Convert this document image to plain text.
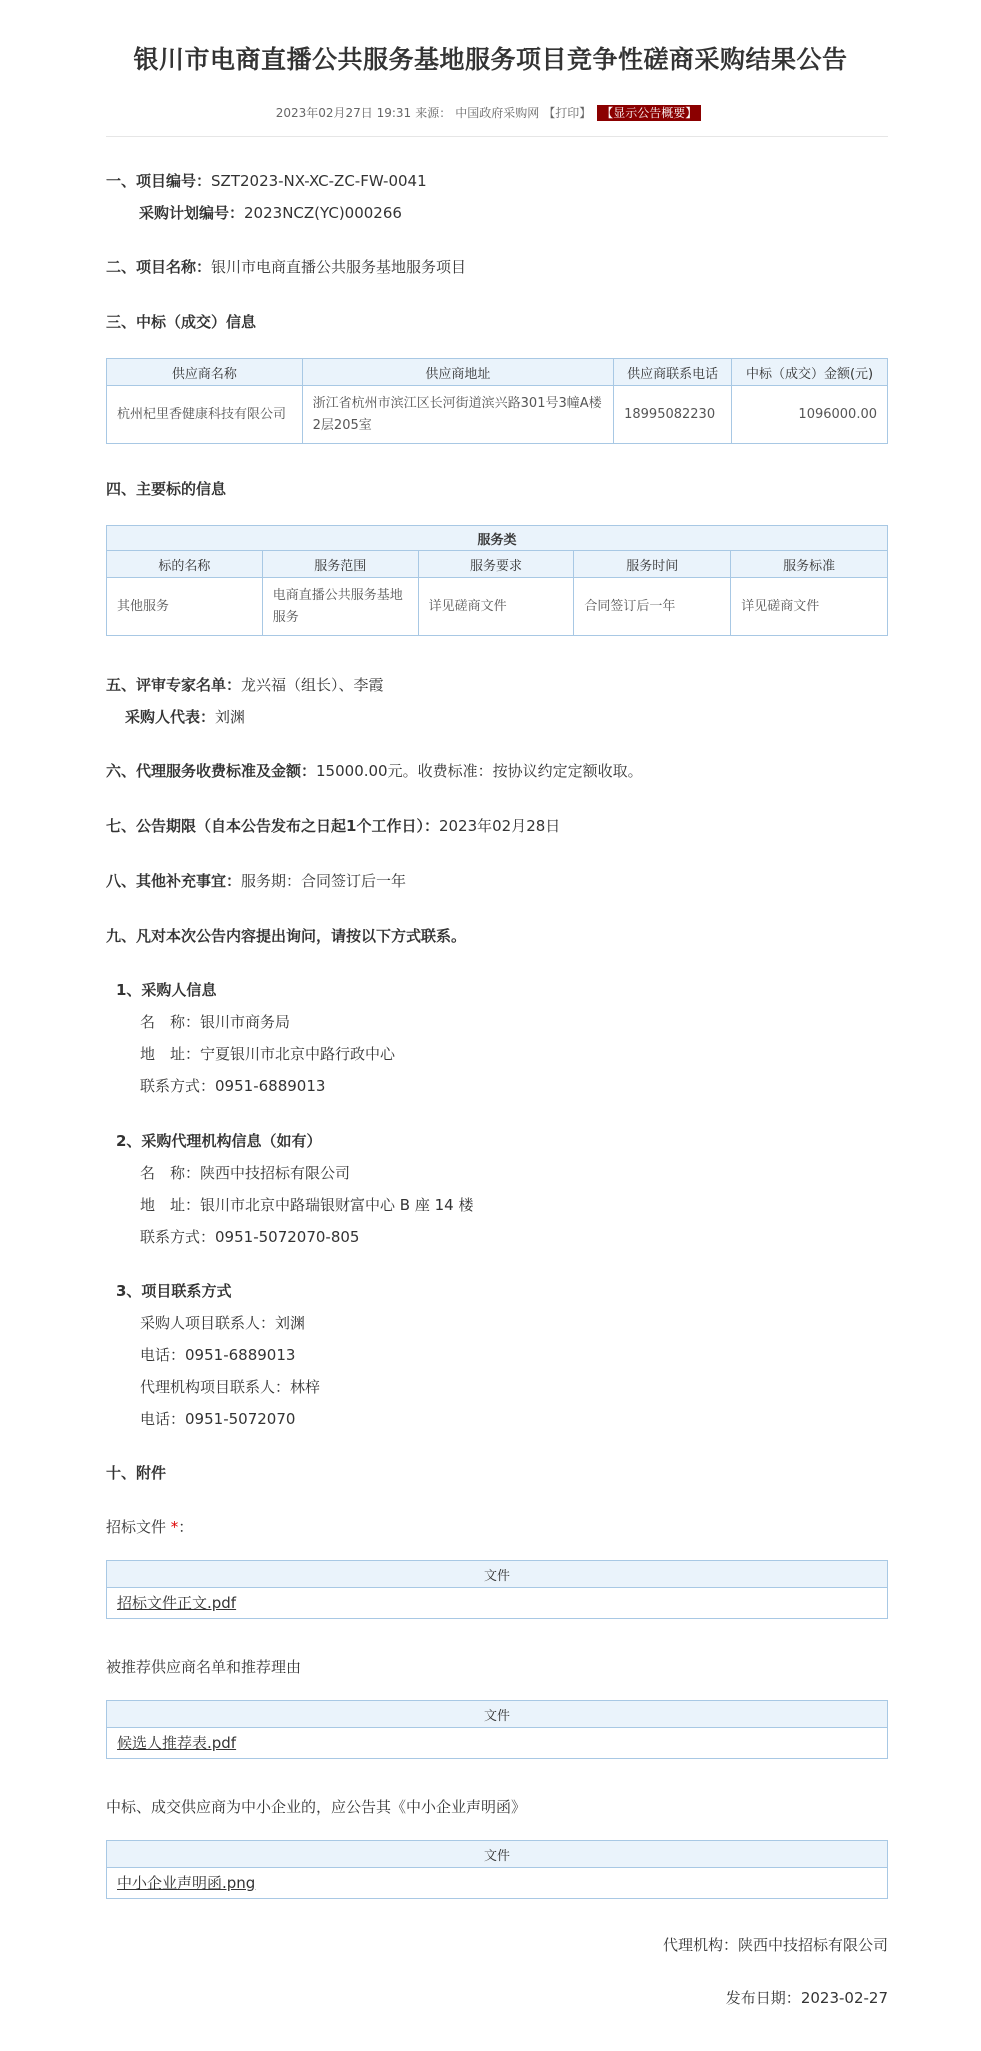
银川市电商直播公共服务基地服务项目竞争性磋商采购结果公告
2023年02月27日 19:31 来源： 中国政府采购网 【打印】 【显示公告概要】
一、项目编号：SZT2023-NX-XC-ZC-FW-0041
采购计划编号：2023NCZ(YC)000266
二、项目名称：银川市电商直播公共服务基地服务项目
三、中标（成交）信息
供应商名称	供应商地址	供应商联系电话	中标（成交）金额(元)
杭州杞里香健康科技有限公司	浙江省杭州市滨江区长河街道滨兴路301号3幢A楼2层205室	18995082230	1096000.00
四、主要标的信息
服务类				
标的名称	服务范围	服务要求	服务时间	服务标准
其他服务	电商直播公共服务基地服务	详见磋商文件	合同签订后一年	详见磋商文件
五、评审专家名单：龙兴福（组长）、李霞
采购人代表：刘渊
六、代理服务收费标准及金额：15000.00元。收费标准：按协议约定定额收取。
七、公告期限（自本公告发布之日起1个工作日）：2023年02月28日
八、其他补充事宜：服务期：合同签订后一年
九、凡对本次公告内容提出询问，请按以下方式联系。
1、采购人信息
名　称：银川市商务局
地　址：宁夏银川市北京中路行政中心
联系方式：0951-6889013
2、采购代理机构信息（如有）
名　称：陕西中技招标有限公司
地　址：银川市北京中路瑞银财富中心 B 座 14 楼
联系方式：0951-5072070-805
3、项目联系方式
采购人项目联系人：刘渊
电话：0951-6889013
代理机构项目联系人：林梓
电话：0951-5072070
十、附件
招标文件 *：
文件
招标文件正文.pdf
被推荐供应商名单和推荐理由
文件
候选人推荐表.pdf
中标、成交供应商为中小企业的，应公告其《中小企业声明函》
文件
中小企业声明函.png
代理机构：陕西中技招标有限公司
发布日期：2023-02-27
